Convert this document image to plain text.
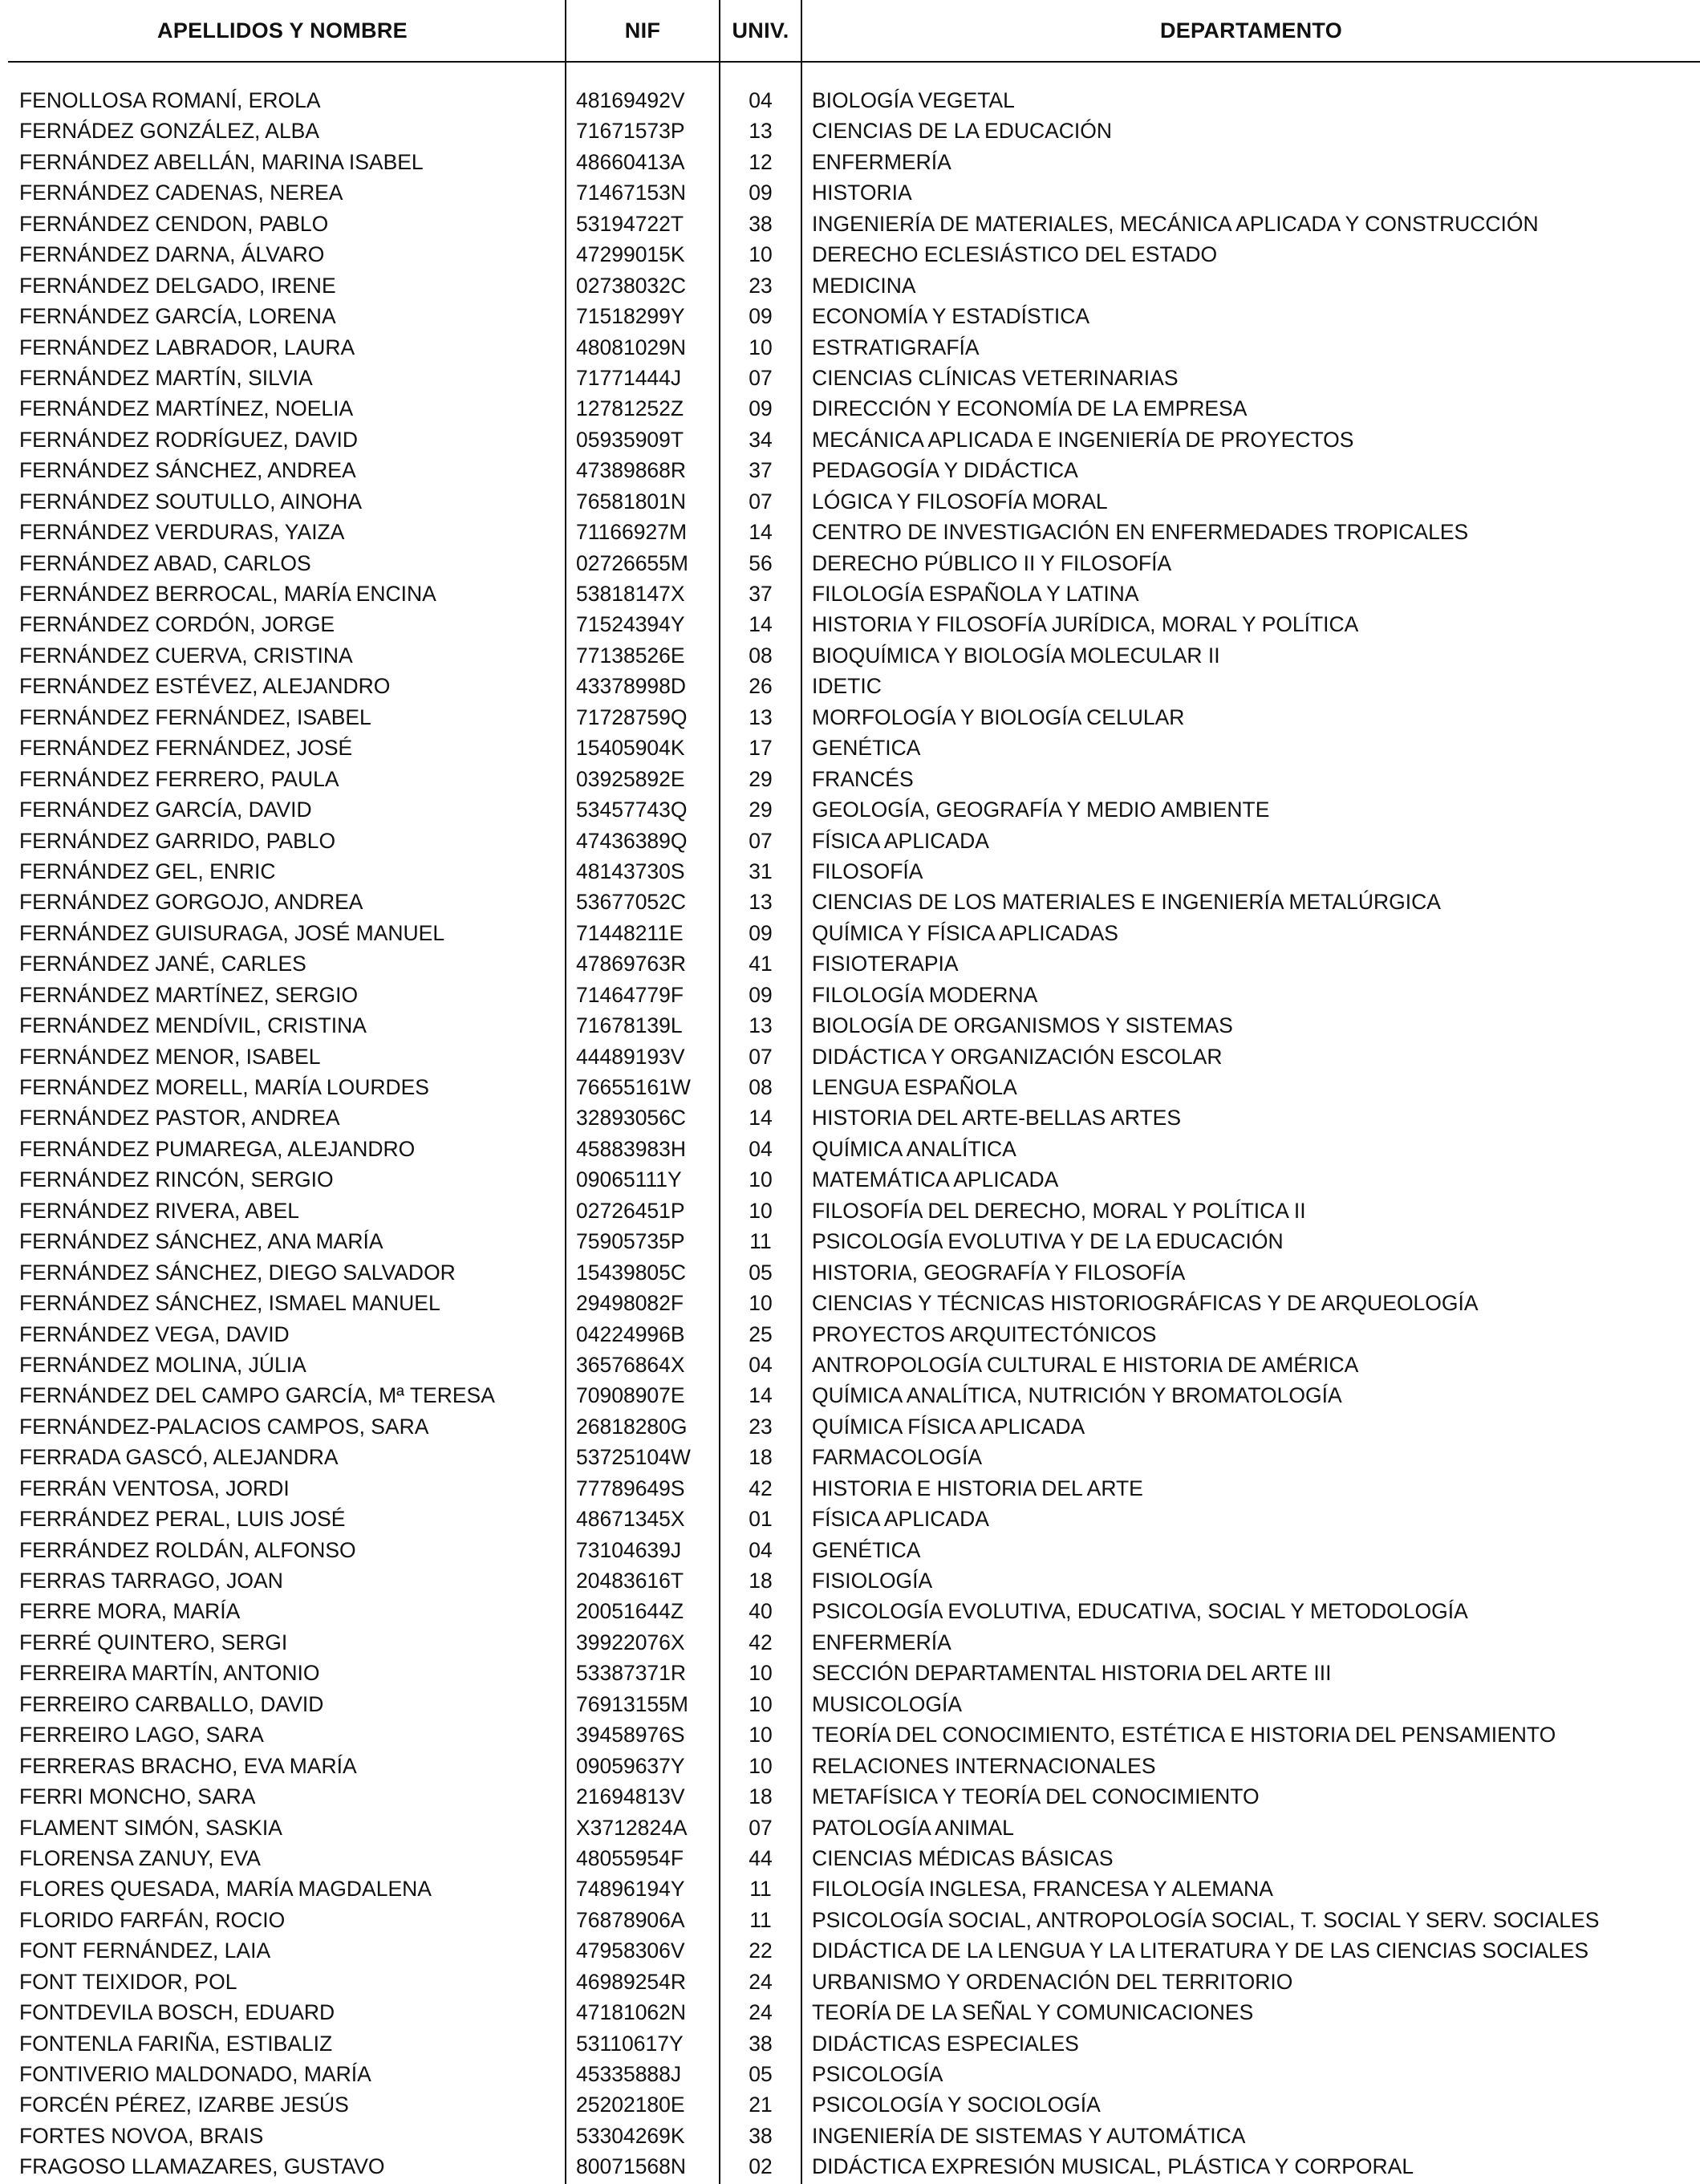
APELLIDOS Y NOMBRE	NIF	UNIV.	DEPARTAMENTO
FENOLLOSA ROMANÍ, EROLA	48169492V	04	BIOLOGÍA VEGETAL
FERNÁDEZ GONZÁLEZ, ALBA	71671573P	13	CIENCIAS DE LA EDUCACIÓN
FERNÁNDEZ ABELLÁN, MARINA ISABEL	48660413A	12	ENFERMERÍA
FERNÁNDEZ CADENAS, NEREA	71467153N	09	HISTORIA
FERNÁNDEZ CENDON, PABLO	53194722T	38	INGENIERÍA DE MATERIALES, MECÁNICA APLICADA Y CONSTRUCCIÓN
FERNÁNDEZ DARNA, ÁLVARO	47299015K	10	DERECHO ECLESIÁSTICO DEL ESTADO
FERNÁNDEZ DELGADO, IRENE	02738032C	23	MEDICINA
FERNÁNDEZ GARCÍA, LORENA	71518299Y	09	ECONOMÍA Y ESTADÍSTICA
FERNÁNDEZ LABRADOR, LAURA	48081029N	10	ESTRATIGRAFÍA
FERNÁNDEZ MARTÍN, SILVIA	71771444J	07	CIENCIAS CLÍNICAS VETERINARIAS
FERNÁNDEZ MARTÍNEZ, NOELIA	12781252Z	09	DIRECCIÓN Y ECONOMÍA DE LA EMPRESA
FERNÁNDEZ RODRÍGUEZ, DAVID	05935909T	34	MECÁNICA APLICADA E INGENIERÍA DE PROYECTOS
FERNÁNDEZ SÁNCHEZ, ANDREA	47389868R	37	PEDAGOGÍA Y DIDÁCTICA
FERNÁNDEZ SOUTULLO, AINOHA	76581801N	07	LÓGICA Y FILOSOFÍA MORAL
FERNÁNDEZ VERDURAS, YAIZA	71166927M	14	CENTRO DE INVESTIGACIÓN EN ENFERMEDADES TROPICALES
FERNÁNDEZ ABAD, CARLOS	02726655M	56	DERECHO PÚBLICO II Y FILOSOFÍA
FERNÁNDEZ BERROCAL, MARÍA ENCINA	53818147X	37	FILOLOGÍA ESPAÑOLA Y LATINA
FERNÁNDEZ CORDÓN, JORGE	71524394Y	14	HISTORIA Y FILOSOFÍA JURÍDICA, MORAL Y POLÍTICA
FERNÁNDEZ CUERVA, CRISTINA	77138526E	08	BIOQUÍMICA Y BIOLOGÍA MOLECULAR II
FERNÁNDEZ ESTÉVEZ, ALEJANDRO	43378998D	26	IDETIC
FERNÁNDEZ FERNÁNDEZ, ISABEL	71728759Q	13	MORFOLOGÍA Y BIOLOGÍA CELULAR
FERNÁNDEZ FERNÁNDEZ, JOSÉ	15405904K	17	GENÉTICA
FERNÁNDEZ FERRERO, PAULA	03925892E	29	FRANCÉS
FERNÁNDEZ GARCÍA, DAVID	53457743Q	29	GEOLOGÍA, GEOGRAFÍA Y MEDIO AMBIENTE
FERNÁNDEZ GARRIDO, PABLO	47436389Q	07	FÍSICA APLICADA
FERNÁNDEZ GEL, ENRIC	48143730S	31	FILOSOFÍA
FERNÁNDEZ GORGOJO, ANDREA	53677052C	13	CIENCIAS DE LOS MATERIALES E INGENIERÍA METALÚRGICA
FERNÁNDEZ GUISURAGA, JOSÉ MANUEL	71448211E	09	QUÍMICA Y FÍSICA APLICADAS
FERNÁNDEZ JANÉ, CARLES	47869763R	41	FISIOTERAPIA
FERNÁNDEZ MARTÍNEZ, SERGIO	71464779F	09	FILOLOGÍA MODERNA
FERNÁNDEZ MENDÍVIL, CRISTINA	71678139L	13	BIOLOGÍA DE ORGANISMOS Y SISTEMAS
FERNÁNDEZ MENOR, ISABEL	44489193V	07	DIDÁCTICA Y ORGANIZACIÓN ESCOLAR
FERNÁNDEZ MORELL, MARÍA LOURDES	76655161W	08	LENGUA ESPAÑOLA
FERNÁNDEZ PASTOR, ANDREA	32893056C	14	HISTORIA DEL ARTE-BELLAS ARTES
FERNÁNDEZ PUMAREGA, ALEJANDRO	45883983H	04	QUÍMICA ANALÍTICA
FERNÁNDEZ RINCÓN, SERGIO	09065111Y	10	MATEMÁTICA APLICADA
FERNÁNDEZ RIVERA, ABEL	02726451P	10	FILOSOFÍA DEL DERECHO, MORAL Y POLÍTICA II
FERNÁNDEZ SÁNCHEZ, ANA MARÍA	75905735P	11	PSICOLOGÍA EVOLUTIVA Y DE LA EDUCACIÓN
FERNÁNDEZ SÁNCHEZ, DIEGO SALVADOR	15439805C	05	HISTORIA, GEOGRAFÍA Y FILOSOFÍA
FERNÁNDEZ SÁNCHEZ, ISMAEL MANUEL	29498082F	10	CIENCIAS Y TÉCNICAS HISTORIOGRÁFICAS Y DE ARQUEOLOGÍA
FERNÁNDEZ VEGA, DAVID	04224996B	25	PROYECTOS ARQUITECTÓNICOS
FERNÁNDEZ MOLINA, JÚLIA	36576864X	04	ANTROPOLOGÍA CULTURAL E HISTORIA DE AMÉRICA
FERNÁNDEZ DEL CAMPO GARCÍA, Mª TERESA	70908907E	14	QUÍMICA ANALÍTICA, NUTRICIÓN Y BROMATOLOGÍA
FERNÁNDEZ-PALACIOS CAMPOS, SARA	26818280G	23	QUÍMICA FÍSICA APLICADA
FERRADA GASCÓ, ALEJANDRA	53725104W	18	FARMACOLOGÍA
FERRÁN VENTOSA, JORDI	77789649S	42	HISTORIA E HISTORIA DEL ARTE
FERRÁNDEZ PERAL, LUIS JOSÉ	48671345X	01	FÍSICA APLICADA
FERRÁNDEZ ROLDÁN, ALFONSO	73104639J	04	GENÉTICA
FERRAS TARRAGO, JOAN	20483616T	18	FISIOLOGÍA
FERRE MORA, MARÍA	20051644Z	40	PSICOLOGÍA EVOLUTIVA, EDUCATIVA, SOCIAL Y METODOLOGÍA
FERRÉ QUINTERO, SERGI	39922076X	42	ENFERMERÍA
FERREIRA MARTÍN, ANTONIO	53387371R	10	SECCIÓN DEPARTAMENTAL HISTORIA DEL ARTE III
FERREIRO CARBALLO, DAVID	76913155M	10	MUSICOLOGÍA
FERREIRO LAGO, SARA	39458976S	10	TEORÍA DEL CONOCIMIENTO, ESTÉTICA E HISTORIA DEL PENSAMIENTO
FERRERAS BRACHO, EVA MARÍA	09059637Y	10	RELACIONES INTERNACIONALES
FERRI MONCHO, SARA	21694813V	18	METAFÍSICA Y TEORÍA DEL CONOCIMIENTO
FLAMENT SIMÓN, SASKIA	X3712824A	07	PATOLOGÍA ANIMAL
FLORENSA ZANUY, EVA	48055954F	44	CIENCIAS MÉDICAS BÁSICAS
FLORES QUESADA, MARÍA MAGDALENA	74896194Y	11	FILOLOGÍA INGLESA, FRANCESA Y ALEMANA
FLORIDO FARFÁN, ROCIO	76878906A	11	PSICOLOGÍA SOCIAL, ANTROPOLOGÍA SOCIAL, T. SOCIAL Y SERV. SOCIALES
FONT FERNÁNDEZ, LAIA	47958306V	22	DIDÁCTICA DE LA LENGUA Y LA LITERATURA Y DE LAS CIENCIAS SOCIALES
FONT TEIXIDOR, POL	46989254R	24	URBANISMO Y ORDENACIÓN DEL TERRITORIO
FONTDEVILA BOSCH, EDUARD	47181062N	24	TEORÍA DE LA SEÑAL Y COMUNICACIONES
FONTENLA FARIÑA, ESTIBALIZ	53110617Y	38	DIDÁCTICAS ESPECIALES
FONTIVERIO MALDONADO, MARÍA	45335888J	05	PSICOLOGÍA
FORCÉN PÉREZ, IZARBE JESÚS	25202180E	21	PSICOLOGÍA Y SOCIOLOGÍA
FORTES NOVOA, BRAIS	53304269K	38	INGENIERÍA DE SISTEMAS Y AUTOMÁTICA
FRAGOSO LLAMAZARES, GUSTAVO	80071568N	02	DIDÁCTICA EXPRESIÓN MUSICAL, PLÁSTICA Y CORPORAL
